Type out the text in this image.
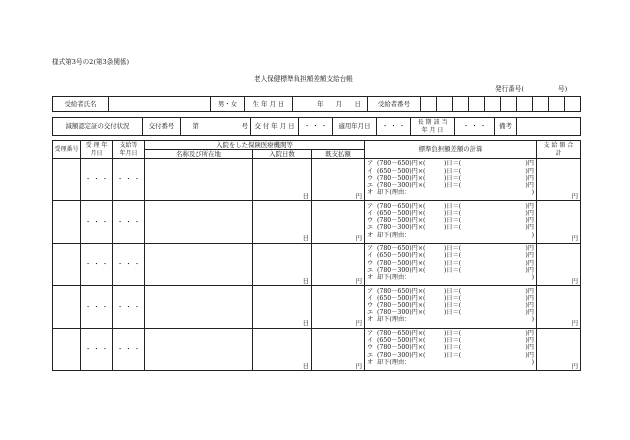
様式第3号の2(第3条関係)
老人保健標準負担額差額支給台帳
発行番号(	号)
受給者氏名		男・女	生 年 月 日	年 月 日	受給者番号										
減額認定証の交付状況	交付番号	第	号	交 付 年 月 日	・ ・ ・	適用年月日	・ ・ ・	長 期 該 当
年 月 日	・ ・ ・	備考	
受理番号	受 理 年月日	支給等 年月日	入院をした保険医療機関等			標準負担額差額の計算	支 給 額 合 計
			名称及び所在地	入院日数	既支払額		
	・ ・ ・	・ ・ ・		日	円	
ア (780－650)円×(　　　)日＝(	)円
イ (650－500)円×(　　　)日＝(	)円
ウ (780－500)円×(　　　)日＝(	)円
エ (780－300)円×(　　　)日＝(	)円
オ 却下(理由：	)	円
	・ ・ ・	・ ・ ・		日	円	
ア (780－650)円×(　　　)日＝(	)円
イ (650－500)円×(　　　)日＝(	)円
ウ (780－500)円×(　　　)日＝(	)円
エ (780－300)円×(　　　)日＝(	)円
オ 却下(理由：	)	円
	・ ・ ・	・ ・ ・		日	円	
ア (780－650)円×(　　　)日＝(	)円
イ (650－500)円×(　　　)日＝(	)円
ウ (780－500)円×(　　　)日＝(	)円
エ (780－300)円×(　　　)日＝(	)円
オ 却下(理由：	)	円
	・ ・ ・	・ ・ ・		日	円	
ア (780－650)円×(　　　)日＝(	)円
イ (650－500)円×(　　　)日＝(	)円
ウ (780－500)円×(　　　)日＝(	)円
エ (780－300)円×(　　　)日＝(	)円
オ 却下(理由：	)	円
	・ ・ ・	・ ・ ・		日	円	
ア (780－650)円×(　　　)日＝(	)円
イ (650－500)円×(　　　)日＝(	)円
ウ (780－500)円×(　　　)日＝(	)円
エ (780－300)円×(　　　)日＝(	)円
オ 却下(理由：	)	円
